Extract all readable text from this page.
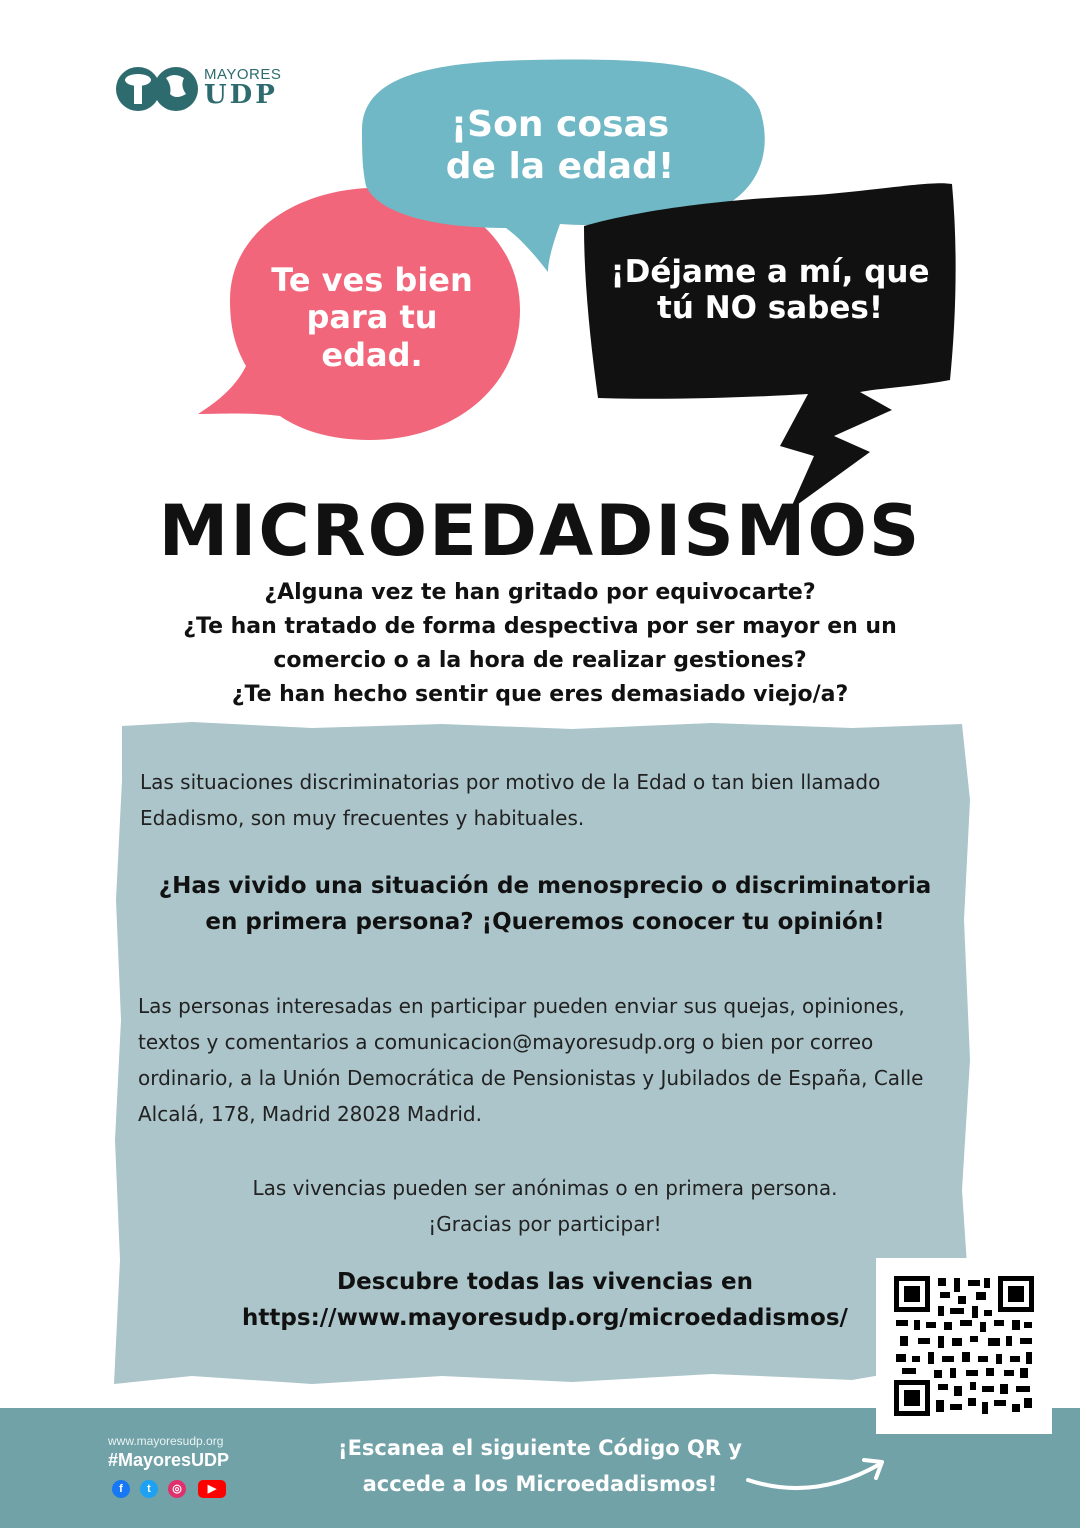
MAYORES
UDP
¡Son cosas de la edad!
Te ves bien para tu edad.
¡Déjame a mí, que tú NO sabes!
MICROEDADISMOS
¿Alguna vez te han gritado por equivocarte?
¿Te han tratado de forma despectiva por ser mayor en un
comercio o a la hora de realizar gestiones?
¿Te han hecho sentir que eres demasiado viejo/a?
Las situaciones discriminatorias por motivo de la Edad o tan bien llamado Edadismo, son muy frecuentes y habituales.
¿Has vivido una situación de menosprecio o discriminatoria en primera persona? ¡Queremos conocer tu opinión!
Las personas interesadas en participar pueden enviar sus quejas, opiniones, textos y comentarios a comunicacion@mayoresudp.org o bien por correo ordinario, a la Unión Democrática de Pensionistas y Jubilados de España, Calle Alcalá, 178, Madrid 28028 Madrid.
Las vivencias pueden ser anónimas o en primera persona.
¡Gracias por participar!
Descubre todas las vivencias en
https://www.mayoresudp.org/microedadismos/
www.mayoresudp.org
#MayoresUDP
f	t	◎	▶
¡Escanea el siguiente Código QR y
accede a los Microedadismos!
